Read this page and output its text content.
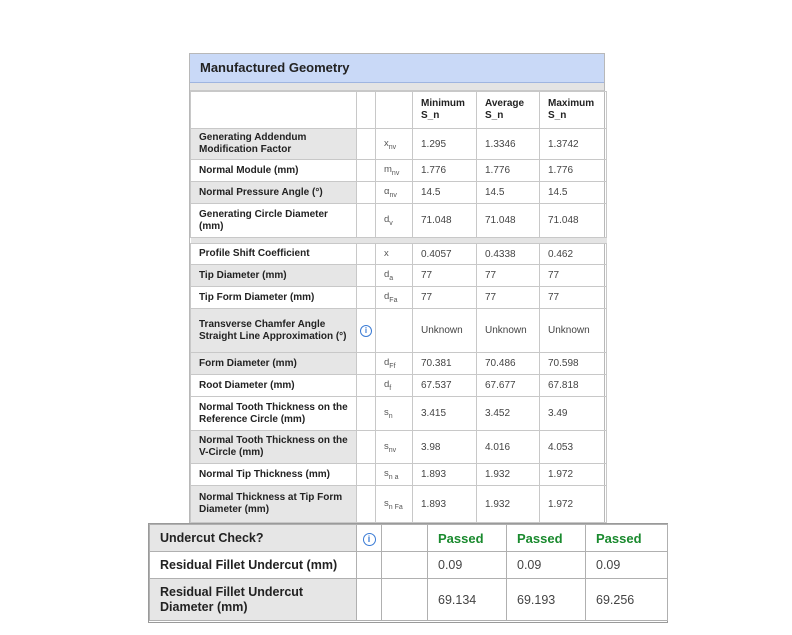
Manufactured Geometry
			Minimum S_n	Average S_n	Maximum S_n
Generating Addendum Modification Factor		$x_{nv}$	1.295	1.3346	1.3742
Normal Module (mm)		$m_{nv}$	1.776	1.776	1.776
Normal Pressure Angle (°)		$\alpha_{nv}$	14.5	14.5	14.5
Generating Circle Diameter (mm)		$d_v$	71.048	71.048	71.048

Profile Shift Coefficient		x	0.4057	0.4338	0.462
Tip Diameter (mm)		$d_a$	77	77	77
Tip Form Diameter (mm)		$d_{Fa}$	77	77	77
Transverse Chamfer Angle Straight Line Approximation (°)	i		Unknown	Unknown	Unknown
Form Diameter (mm)		$d_{Ff}$	70.381	70.486	70.598
Root Diameter (mm)		$d_f$	67.537	67.677	67.818
Normal Tooth Thickness on the Reference Circle (mm)		$s_n$	3.415	3.452	3.49
Normal Tooth Thickness on the V-Circle (mm)		$s_{nv}$	3.98	4.016	4.053
Normal Tip Thickness (mm)		$s_{n a}$	1.893	1.932	1.972
Normal Thickness at Tip Form Diameter (mm)		$s_{n Fa}$	1.893	1.932	1.972
Undercut Check?	i		Passed	Passed	Passed
Residual Fillet Undercut (mm)			0.09	0.09	0.09
Residual Fillet Undercut Diameter (mm)			69.134	69.193	69.256
